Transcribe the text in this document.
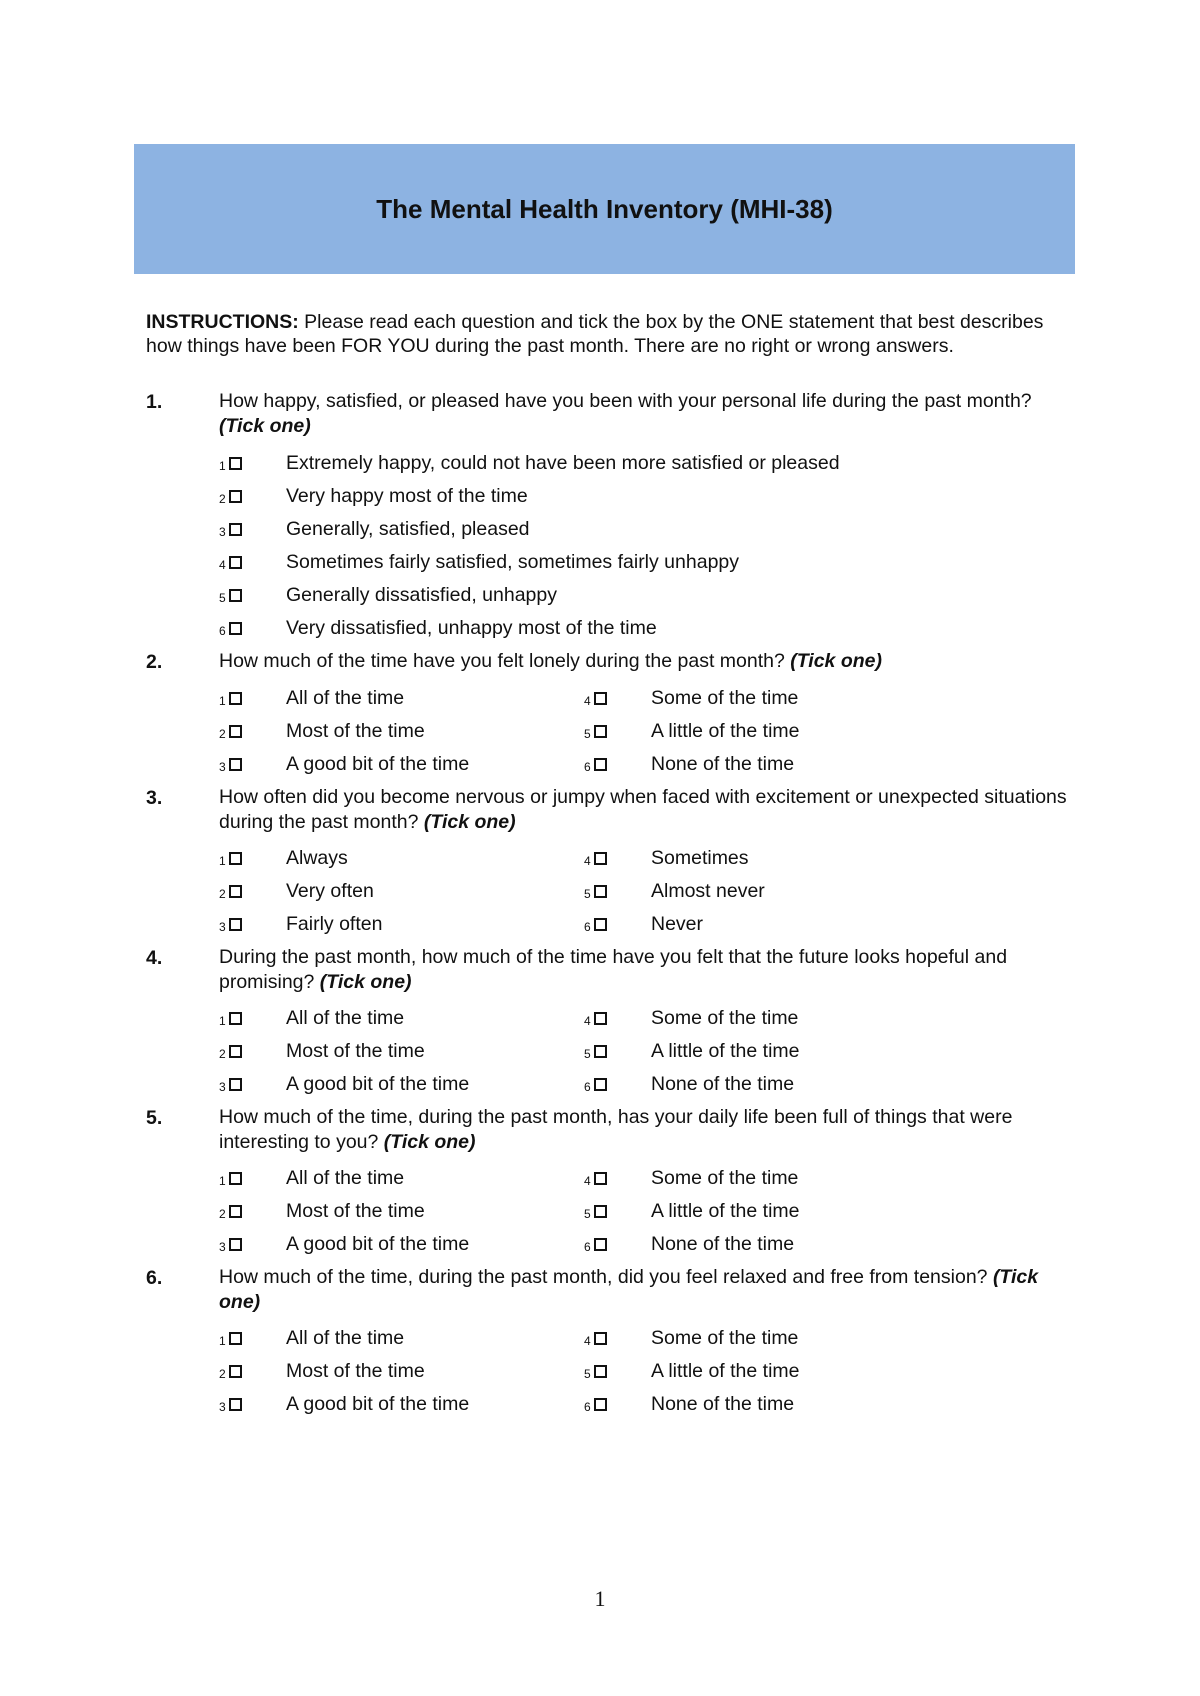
The Mental Health Inventory (MHI-38)
INSTRUCTIONS: Please read each question and tick the box by the ONE statement that best describes how things have been FOR YOU during the past month. There are no right or wrong answers.
1.	How happy, satisfied, or pleased have you been with your personal life during the past month? (Tick one)
1	Extremely happy, could not have been more satisfied or pleased
2	Very happy most of the time
3	Generally, satisfied, pleased
4	Sometimes fairly satisfied, sometimes fairly unhappy
5	Generally dissatisfied, unhappy
6	Very dissatisfied, unhappy most of the time
2.	How much of the time have you felt lonely during the past month? (Tick one)
1	All of the time
2	Most of the time
3	A good bit of the time
4	Some of the time
5	A little of the time
6	None of the time
3.	How often did you become nervous or jumpy when faced with excitement or unexpected situations during the past month? (Tick one)
1	Always
2	Very often
3	Fairly often
4	Sometimes
5	Almost never
6	Never
4.	During the past month, how much of the time have you felt that the future looks hopeful and promising? (Tick one)
1	All of the time
2	Most of the time
3	A good bit of the time
4	Some of the time
5	A little of the time
6	None of the time
5.	How much of the time, during the past month, has your daily life been full of things that were interesting to you? (Tick one)
1	All of the time
2	Most of the time
3	A good bit of the time
4	Some of the time
5	A little of the time
6	None of the time
6.	How much of the time, during the past month, did you feel relaxed and free from tension? (Tick one)
1	All of the time
2	Most of the time
3	A good bit of the time
4	Some of the time
5	A little of the time
6	None of the time
1
